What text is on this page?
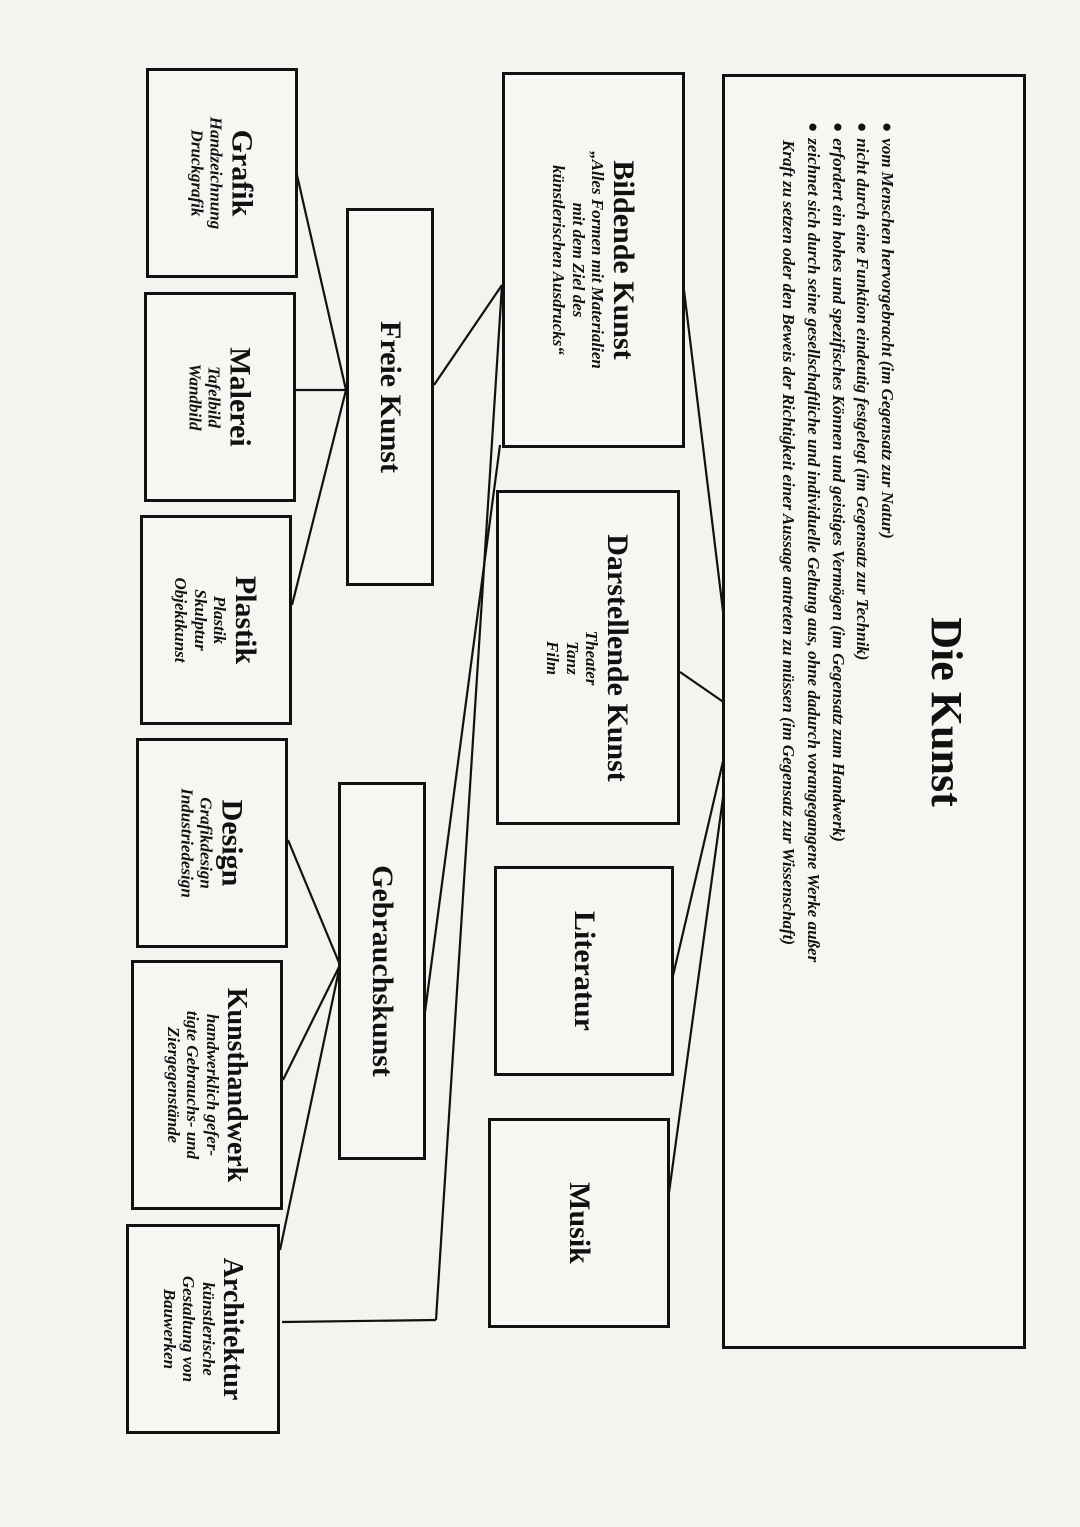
Die Kunst
●vom Menschen hervorgebracht (im Gegensatz zur Natur)
●nicht durch eine Funktion eindeutig festgelegt (im Gegensatz zur Technik)
●erfordert ein hohes und spezifisches Können und geistiges Vermögen (im Gegensatz zum Handwerk)
●zeichnet sich durch seine gesellschaftliche und individuelle Geltung aus, ohne dadurch vorangegangene Werke außer
Kraft zu setzen oder den Beweis der Richtigkeit einer Aussage antreten zu müssen (im Gegensatz zur Wissenschaft)
Bildende Kunst
„Alles Formen mit Materialien
mit dem Ziel des
künstlerischen Ausdrucks“
Darstellende Kunst
Theater
Tanz
Film
Literatur
Musik
Freie Kunst
Gebrauchskunst
Grafik
Handzeichnung
Druckgrafik
Malerei
Tafelbild
Wandbild
Plastik
Plastik
Skulptur
Objektkunst
Design
Grafikdesign
Industriedesign
Kunsthandwerk
handwerklich gefer-
tigte Gebrauchs- und
Ziergegenstände
Architektur
künstlerische
Gestaltung von
Bauwerken
